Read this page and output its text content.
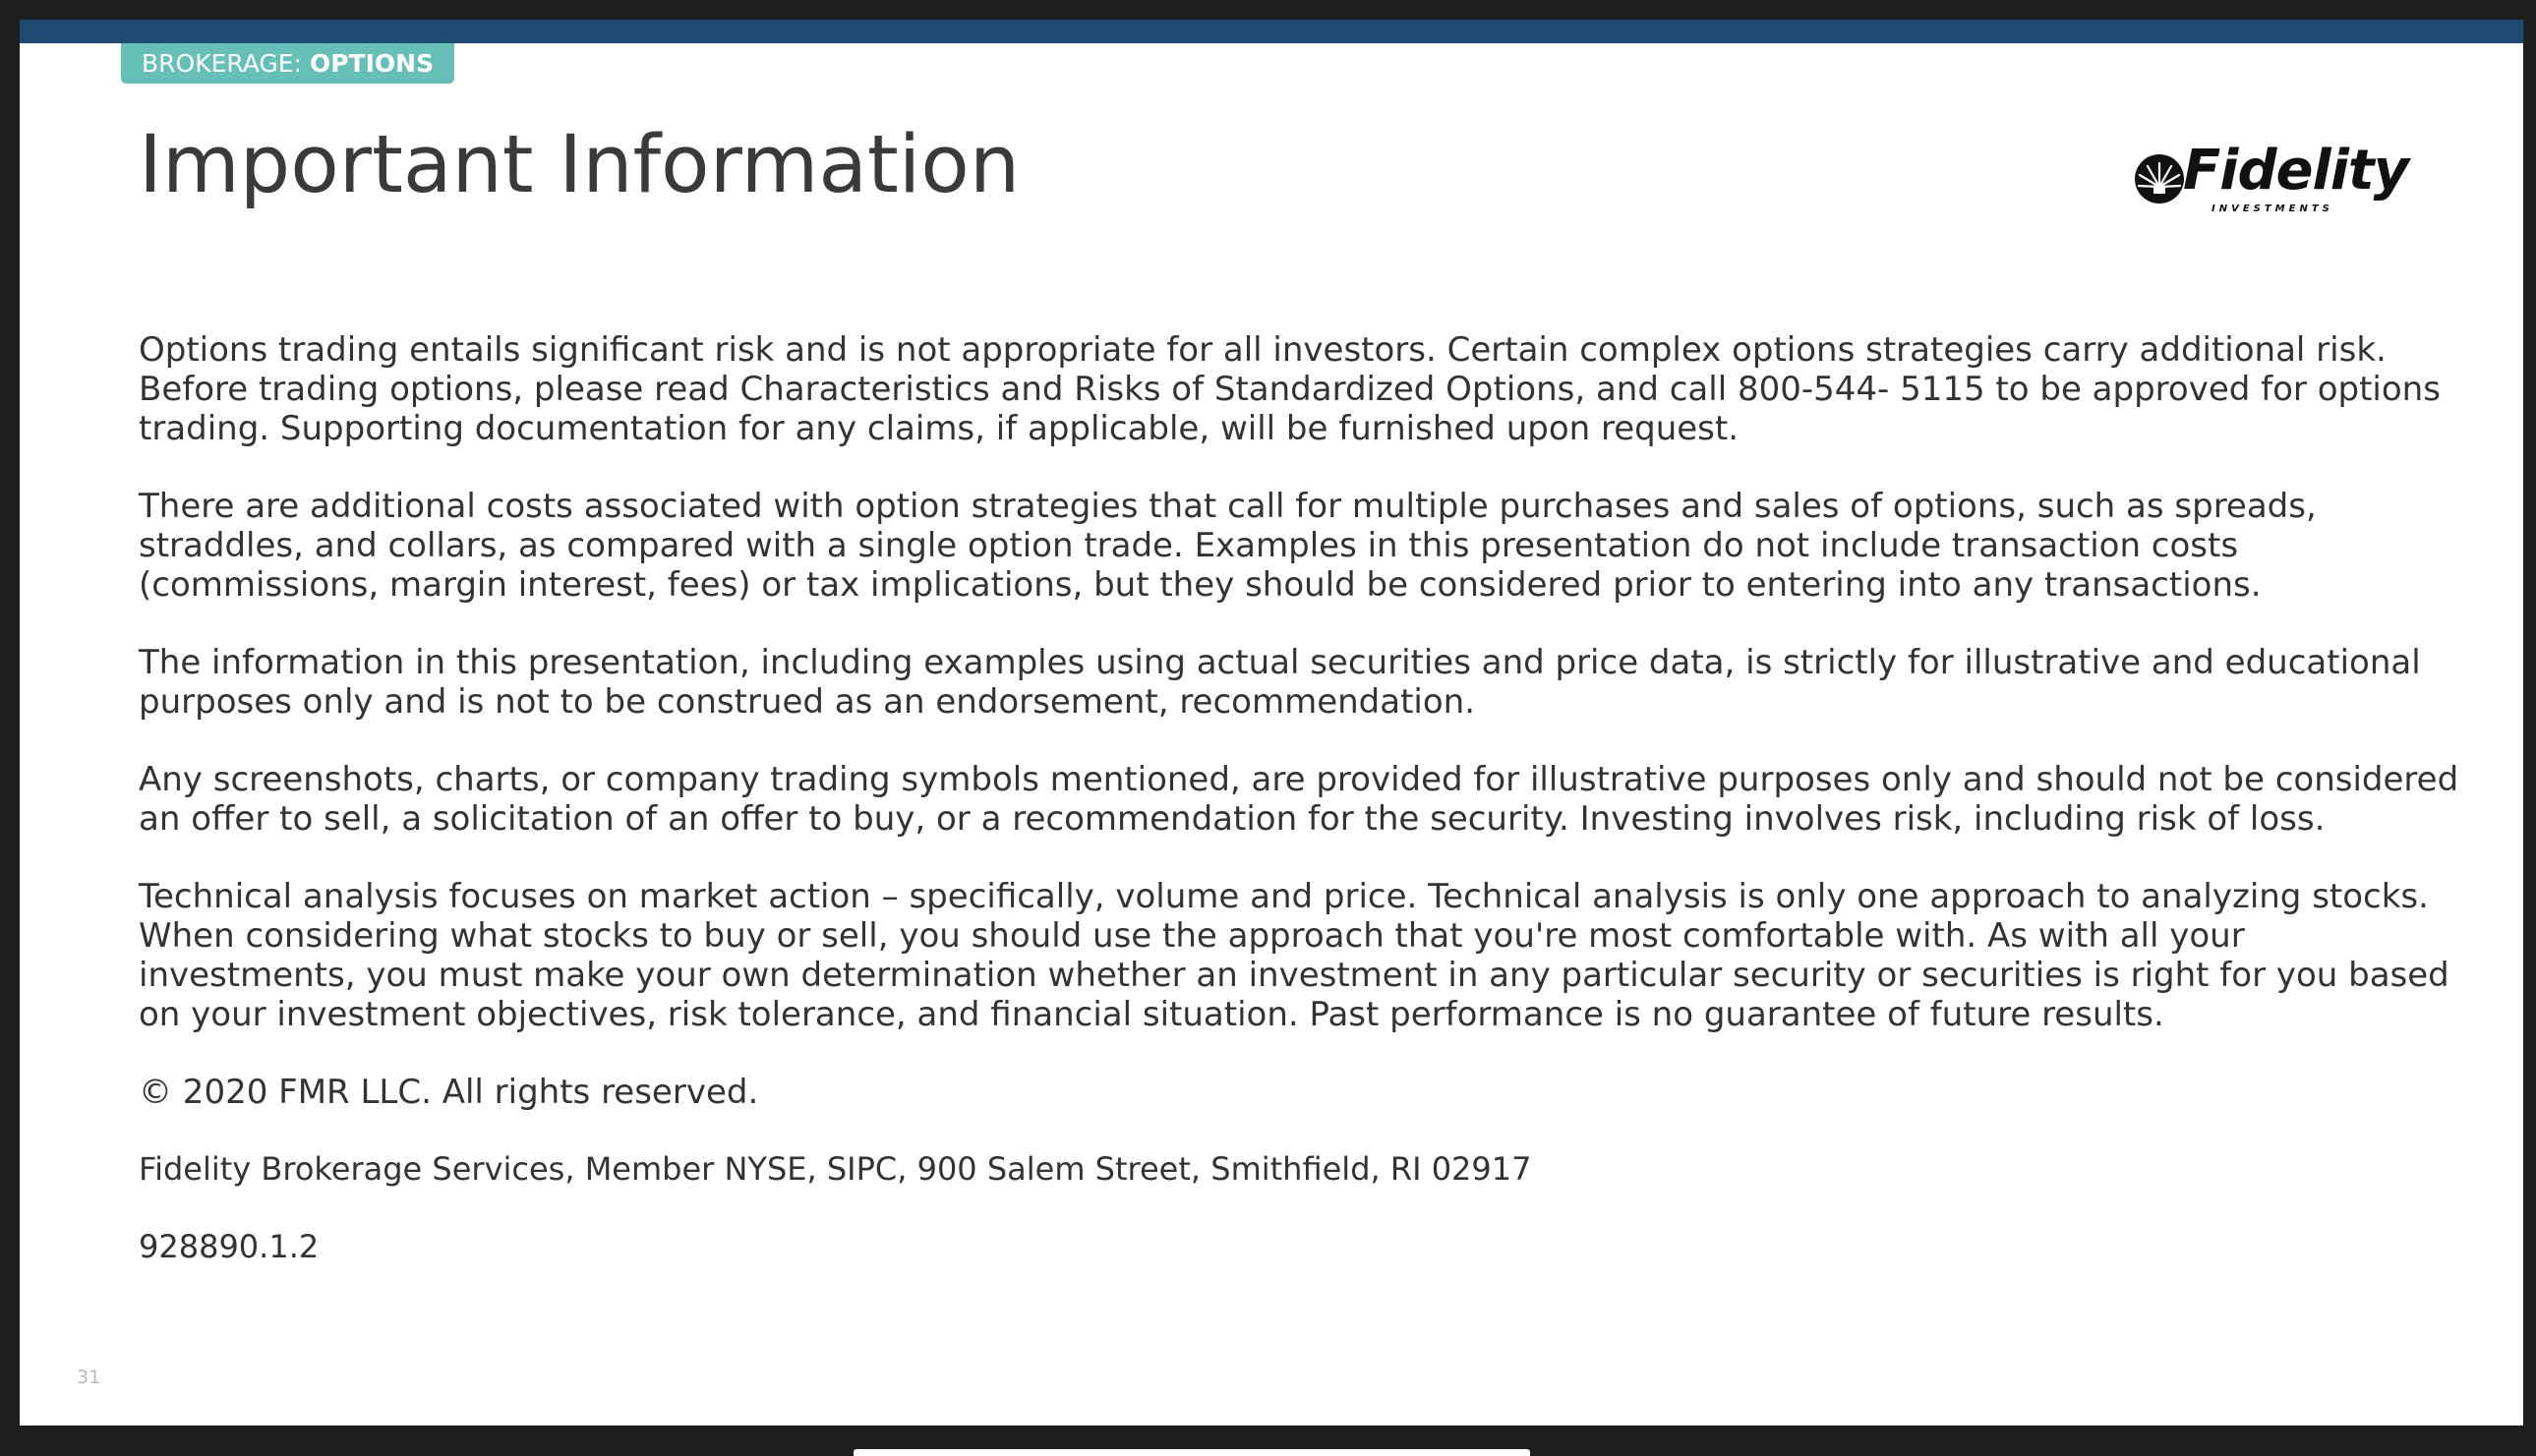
BROKERAGE: OPTIONS
Important Information	Fidelity
INVESTMENTS

Options trading entails significant risk and is not appropriate for all investors. Certain complex options strategies carry additional risk. Before trading options, please read Characteristics and Risks of Standardized Options, and call 800-544- 5115 to be approved for options trading. Supporting documentation for any claims, if applicable, will be furnished upon request.

There are additional costs associated with option strategies that call for multiple purchases and sales of options, such as spreads, straddles, and collars, as compared with a single option trade. Examples in this presentation do not include transaction costs (commissions, margin interest, fees) or tax implications, but they should be considered prior to entering into any transactions.

The information in this presentation, including examples using actual securities and price data, is strictly for illustrative and educational purposes only and is not to be construed as an endorsement, recommendation.

Any screenshots, charts, or company trading symbols mentioned, are provided for illustrative purposes only and should not be considered an offer to sell, a solicitation of an offer to buy, or a recommendation for the security. Investing involves risk, including risk of loss.

Technical analysis focuses on market action – specifically, volume and price. Technical analysis is only one approach to analyzing stocks. When considering what stocks to buy or sell, you should use the approach that you're most comfortable with. As with all your investments, you must make your own determination whether an investment in any particular security or securities is right for you based on your investment objectives, risk tolerance, and financial situation. Past performance is no guarantee of future results.

© 2020 FMR LLC. All rights reserved.

Fidelity Brokerage Services, Member NYSE, SIPC, 900 Salem Street, Smithfield, RI 02917

928890.1.2

31
